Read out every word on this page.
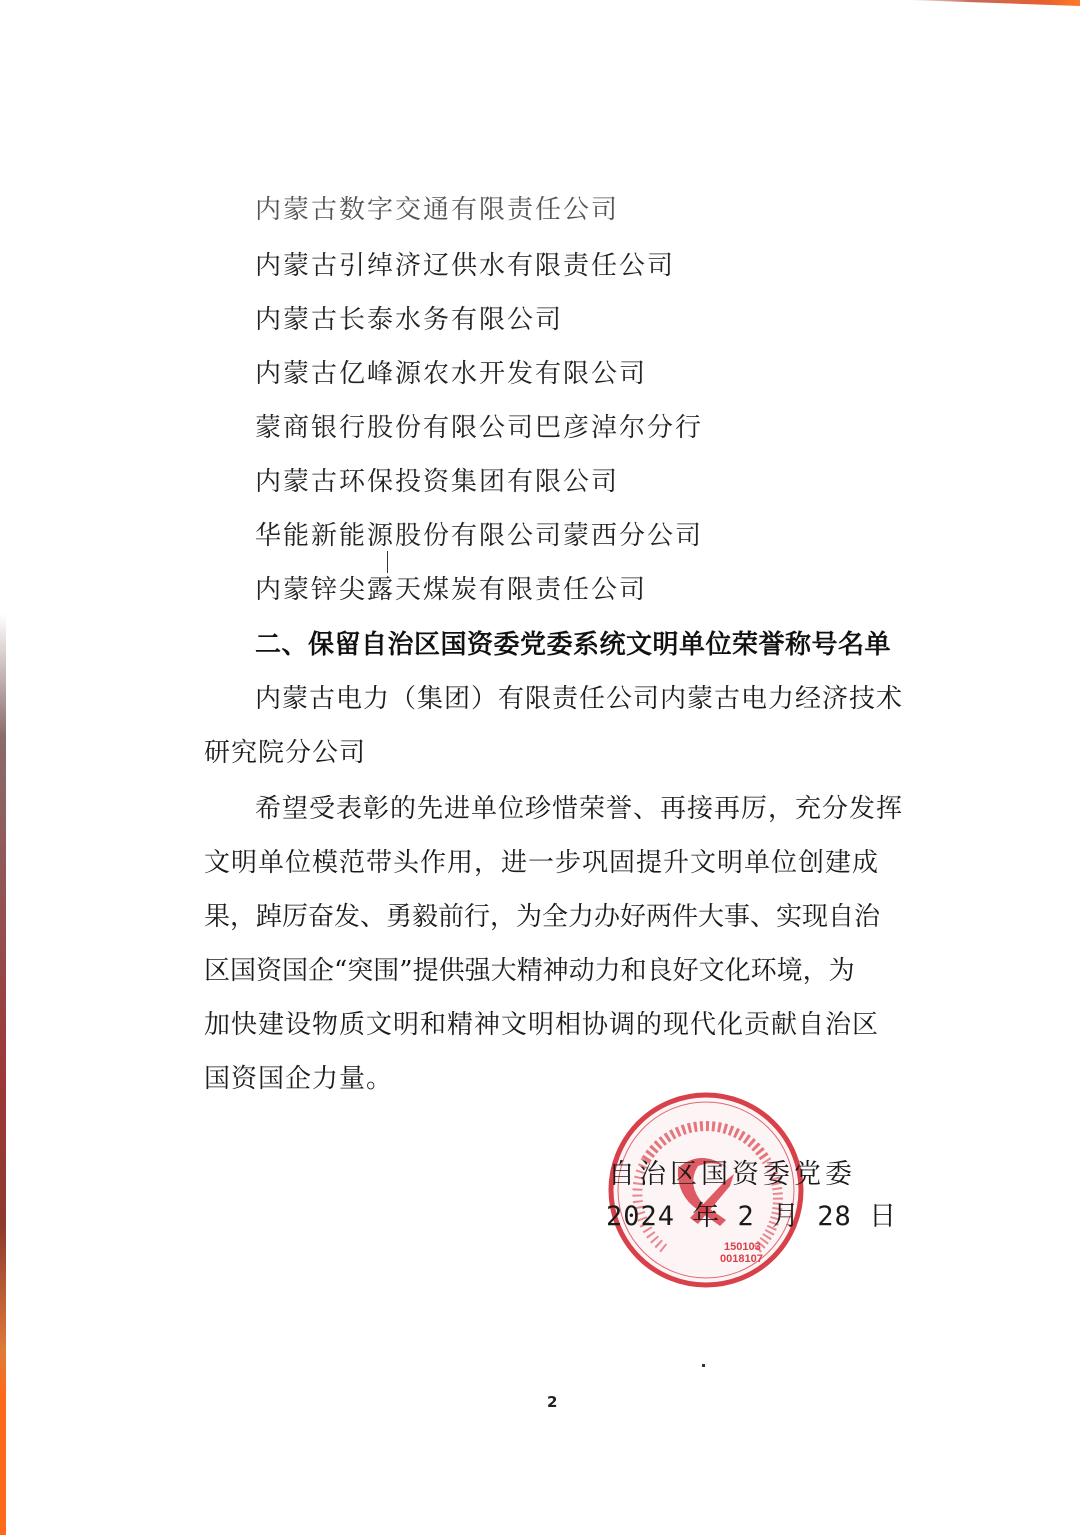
内蒙古数字交通有限责任公司
内蒙古引绰济辽供水有限责任公司
内蒙古长泰水务有限公司
内蒙古亿峰源农水开发有限公司
蒙商银行股份有限公司巴彦淖尔分行
内蒙古环保投资集团有限公司
华能新能源股份有限公司蒙西分公司
内蒙锌尖露天煤炭有限责任公司
二、保留自治区国资委党委系统文明单位荣誉称号名单
内蒙古电力（集团）有限责任公司内蒙古电力经济技术
研究院分公司
希望受表彰的先进单位珍惜荣誉、再接再厉，充分发挥
文明单位模范带头作用，进一步巩固提升文明单位创建成
果，踔厉奋发、勇毅前行，为全力办好两件大事、实现自治
区国资国企“突围”提供强大精神动力和良好文化环境，为
加快建设物质文明和精神文明相协调的现代化贡献自治区
国资国企力量。
150103
0018107
自治区国资委党委
2024 年 2 月 28 日
2
